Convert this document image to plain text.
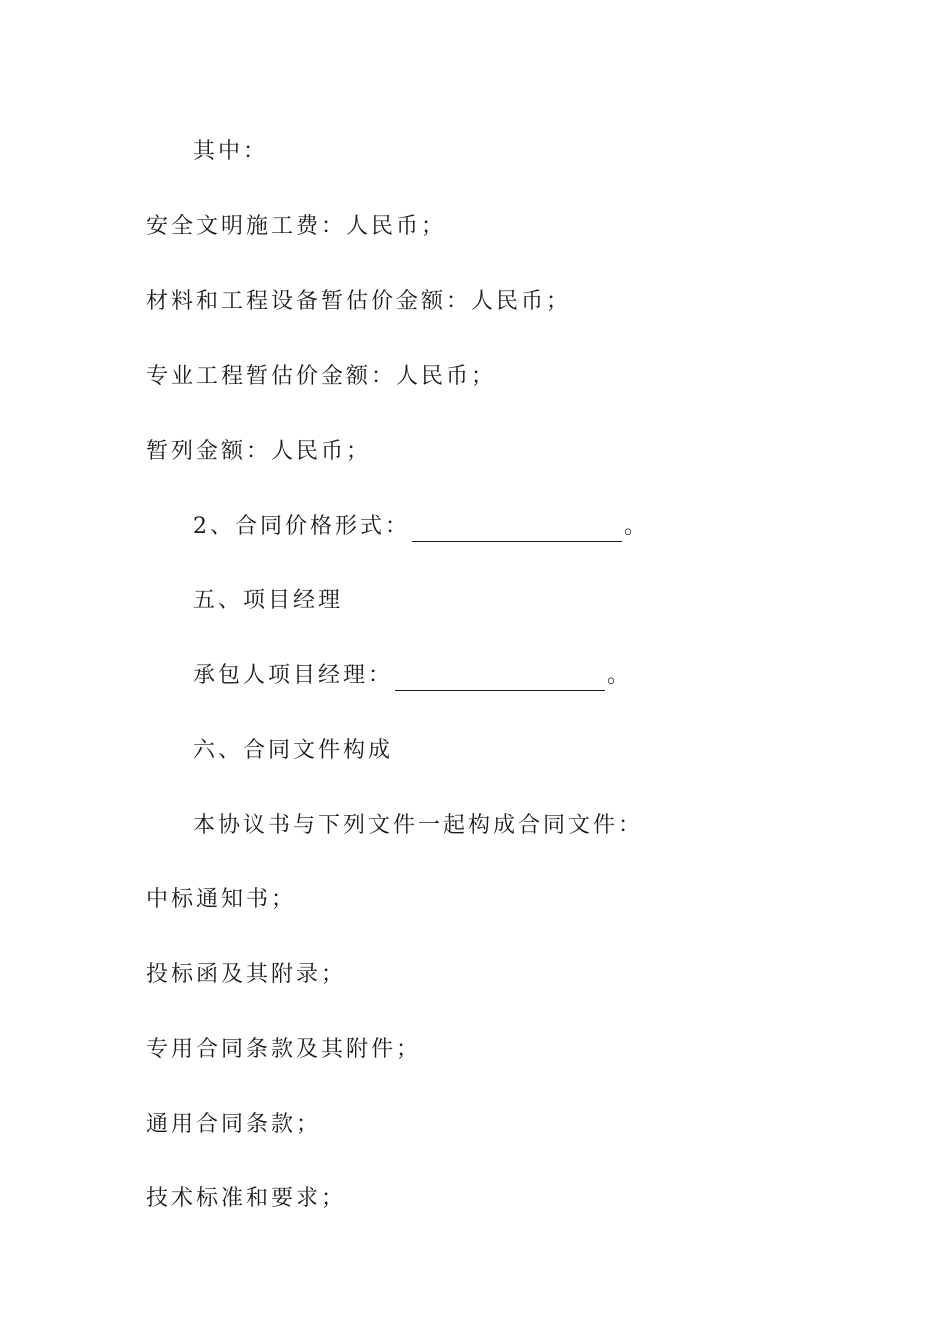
其中：
安全文明施工费：人民币；
材料和工程设备暂估价金额：人民币；
专业工程暂估价金额：人民币；
暂列金额：人民币；
2、合同价格形式：	。
五、项目经理
承包人项目经理：	。
六、合同文件构成
本协议书与下列文件一起构成合同文件：
中标通知书；
投标函及其附录；
专用合同条款及其附件；
通用合同条款；
技术标准和要求；
